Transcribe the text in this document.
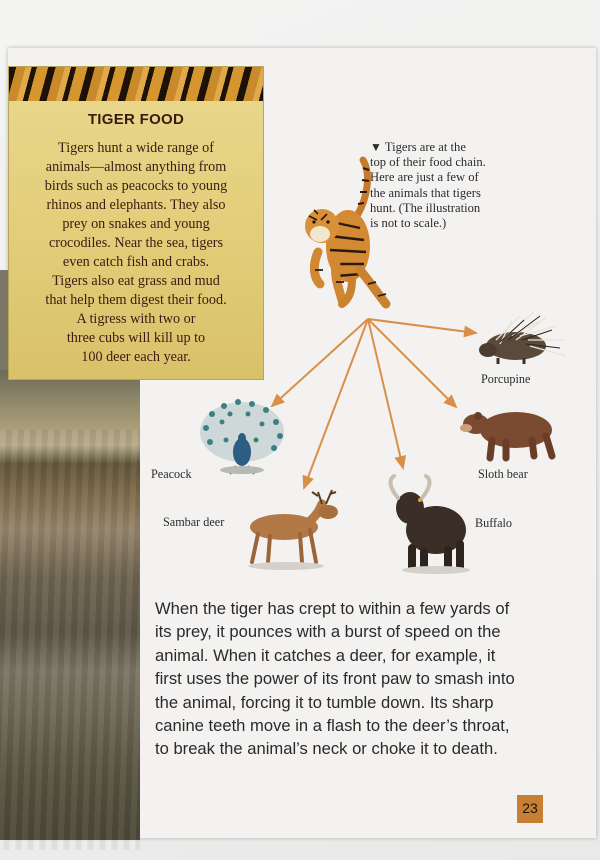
TIGER FOOD
Tigers hunt a wide range of
animals—almost anything from
birds such as peacocks to young
rhinos and elephants. They also
prey on snakes and young
crocodiles. Near the sea, tigers
even catch fish and crabs.
Tigers also eat grass and mud
that help them digest their food.
A tigress with two or
three cubs will kill up to
100 deer each year.
▼ Tigers are at the
top of their food chain.
Here are just a few of
the animals that tigers
hunt. (The illustration
is not to scale.)
Porcupine
Peacock	Sloth bear
Sambar deer	Buffalo
When the tiger has crept to within a few yards of
its prey, it pounces with a burst of speed on the
animal. When it catches a deer, for example, it
first uses the power of its front paw to smash into
the animal, forcing it to tumble down. Its sharp
canine teeth move in a flash to the deer’s throat,
to break the animal’s neck or choke it to death.
23
